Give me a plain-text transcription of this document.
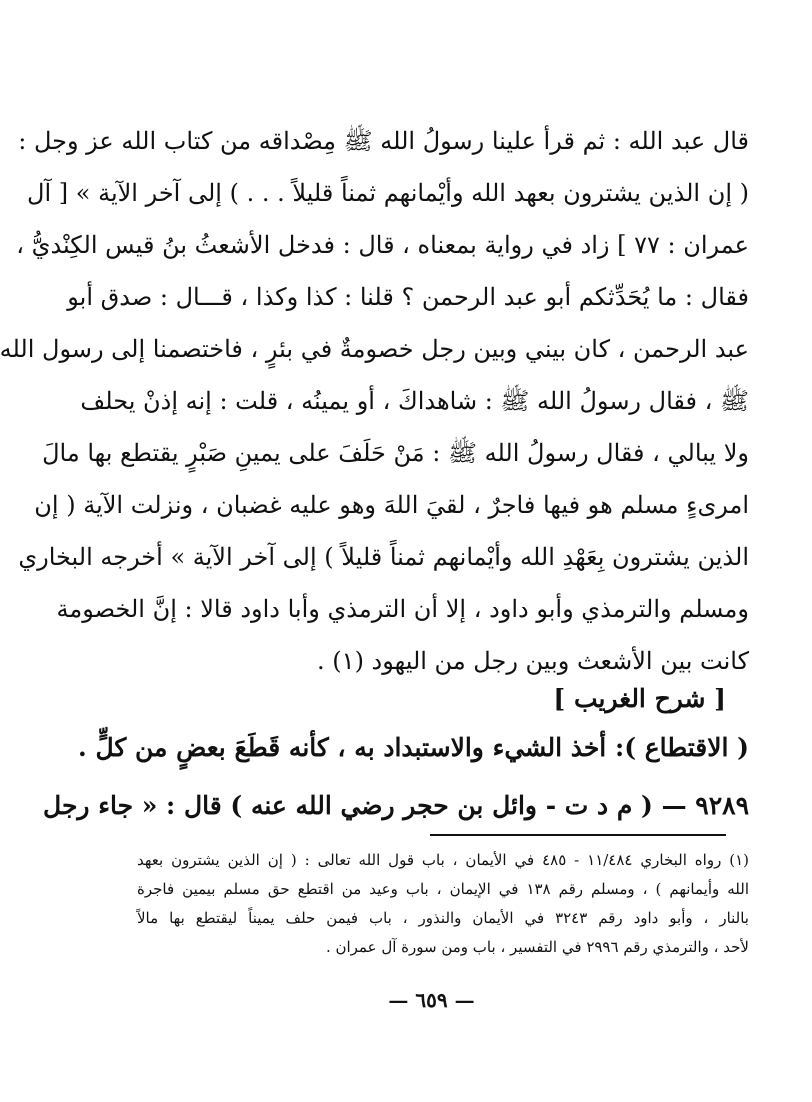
قال عبد الله : ثم قرأ علينا رسولُ الله ﷺ مِصْداقه من كتاب الله عز وجل :
( إن الذين يشترون بعهد الله وأيْمانهم ثمناً قليلاً . . . ) إلى آخر الآية » [ آل
عمران : ٧٧ ] زاد في رواية بمعناه ، قال : فدخل الأشعثُ بنُ قيس الكِنْديُّ ،
فقال : ما يُحَدِّثكم أبو عبد الرحمن ؟ قلنا : كذا وكذا ، قـــال : صدق أبو
عبد الرحمن ، كان بيني وبين رجل خصومةٌ في بئرٍ ، فاختصمنا إلى رسول الله
ﷺ ، فقال رسولُ الله ﷺ : شاهداكَ ، أو يمينُه ، قلت : إنه إذنْ يحلف
ولا يبالي ، فقال رسولُ الله ﷺ : مَنْ حَلَفَ على يمينِ صَبْرٍ يقتطع بها مالَ
امرىءٍ مسلم هو فيها فاجرٌ ، لقيَ اللهَ وهو عليه غضبان ، ونزلت الآية ( إن
الذين يشترون بِعَهْدِ الله وأيْمانهم ثمناً قليلاً ) إلى آخر الآية » أخرجه البخاري
ومسلم والترمذي وأبو داود ، إلا أن الترمذي وأبا داود قالا : إنَّ الخصومة
كانت بين الأشعث وبين رجل من اليهود (١) .
[ شرح الغريب ]
( الاقتطاع ): أخذ الشيء والاستبداد به ، كأنه قَطَعَ بعضٍ من كلٍّ .
٩٢٨٩ — ( م د ت - وائل بن حجر رضي الله عنه ) قال : « جاء رجل
(١) رواه البخاري ١١/٤٨٤ - ٤٨٥ في الأيمان ، باب قول الله تعالى : ( إن الذين يشترون بعهد
الله وأيمانهم ) ، ومسلم رقم ١٣٨ في الإيمان ، باب وعيد من اقتطع حق مسلم بيمين فاجرة
بالنار ، وأبو داود رقم ٣٢٤٣ في الأيمان والنذور ، باب فيمن حلف يميناً ليقتطع بها مالاً
لأحد ، والترمذي رقم ٢٩٩٦ في التفسير ، باب ومن سورة آل عمران .
— ٦٥٩ —
